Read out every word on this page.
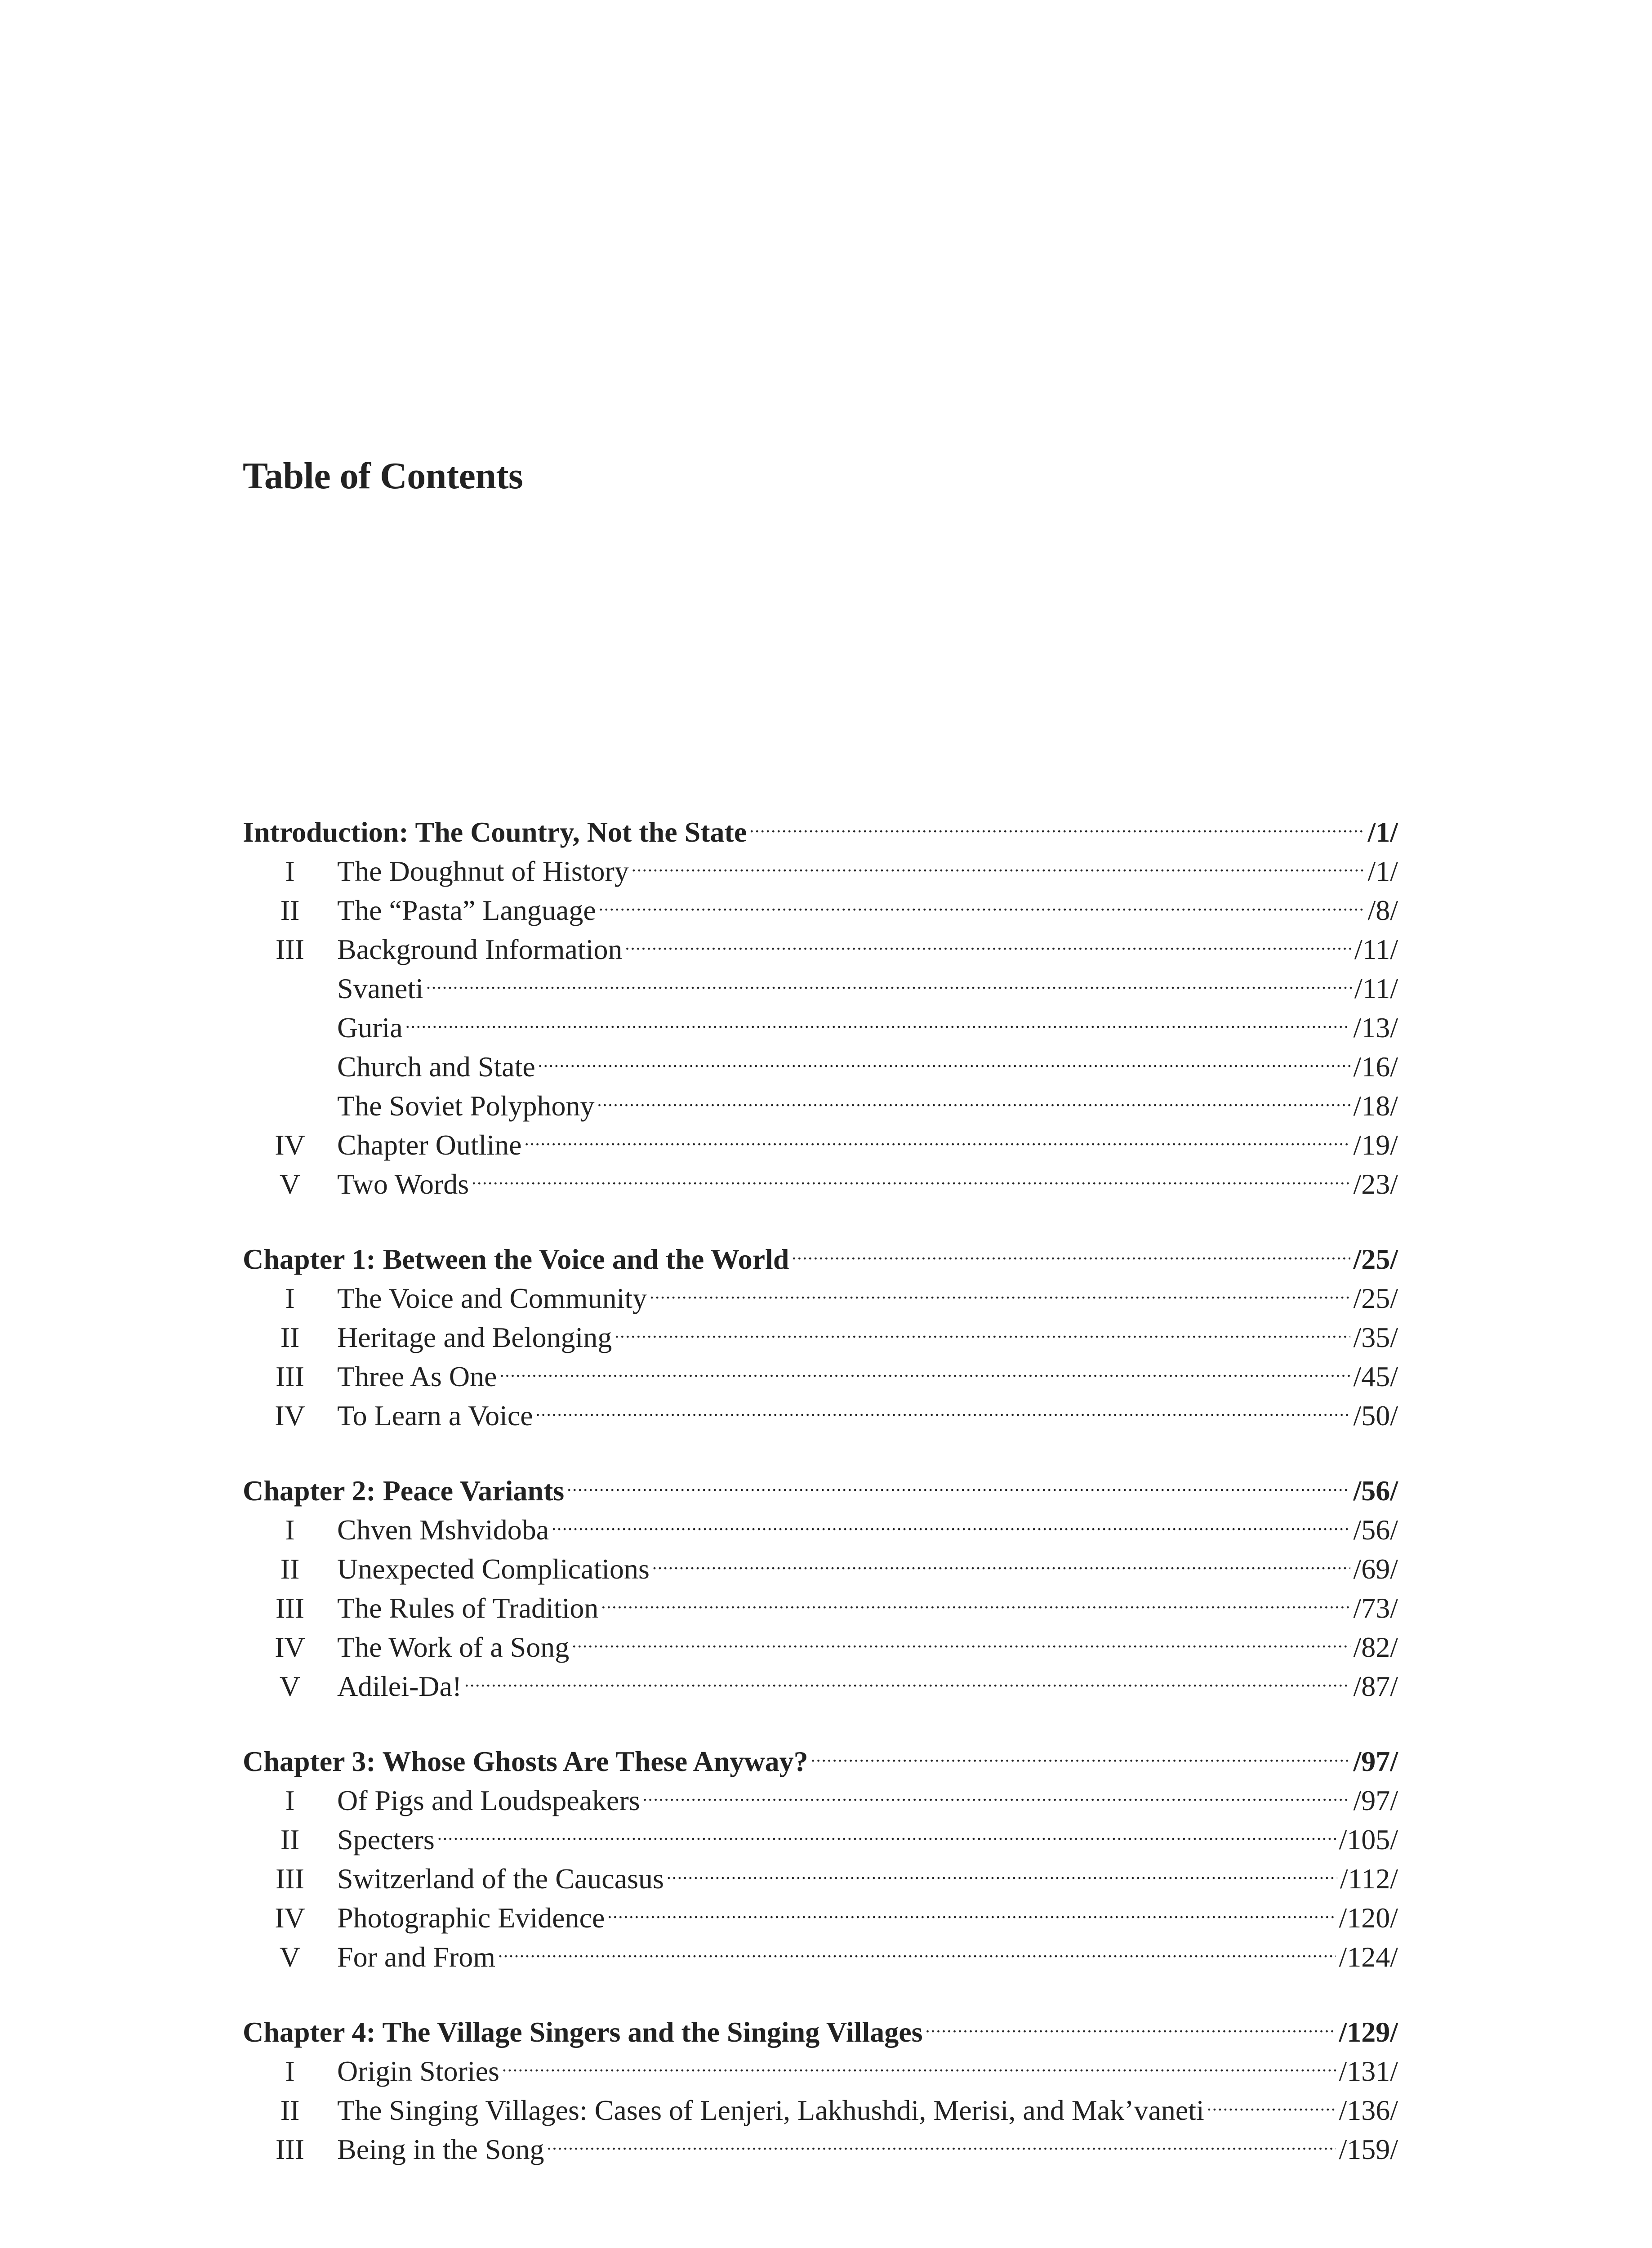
Table of Contents
Introduction: The Country, Not the State .....	/1/
I	The Doughnut of History .....	/1/
II	The “Pasta” Language .....	/8/
III	Background Information .....	/11/
Svaneti .....	/11/
Guria .....	/13/
Church and State .....	/16/
The Soviet Polyphony .....	/18/
IV	Chapter Outline .....	/19/
V	Two Words .....	/23/
Chapter 1: Between the Voice and the World .....	/25/
I	The Voice and Community .....	/25/
II	Heritage and Belonging .....	/35/
III	Three As One .....	/45/
IV	To Learn a Voice .....	/50/
Chapter 2: Peace Variants .....	/56/
I	Chven Mshvidoba .....	/56/
II	Unexpected Complications .....	/69/
III	The Rules of Tradition .....	/73/
IV	The Work of a Song .....	/82/
V	Adilei-Da! .....	/87/
Chapter 3: Whose Ghosts Are These Anyway? .....	/97/
I	Of Pigs and Loudspeakers .....	/97/
II	Specters .....	/105/
III	Switzerland of the Caucasus .....	/112/
IV	Photographic Evidence .....	/120/
V	For and From .....	/124/
Chapter 4: The Village Singers and the Singing Villages .....	/129/
I	Origin Stories .....	/131/
II	The Singing Villages: Cases of Lenjeri, Lakhushdi, Merisi, and Mak’vaneti .....	/136/
III	Being in the Song .....	/159/
